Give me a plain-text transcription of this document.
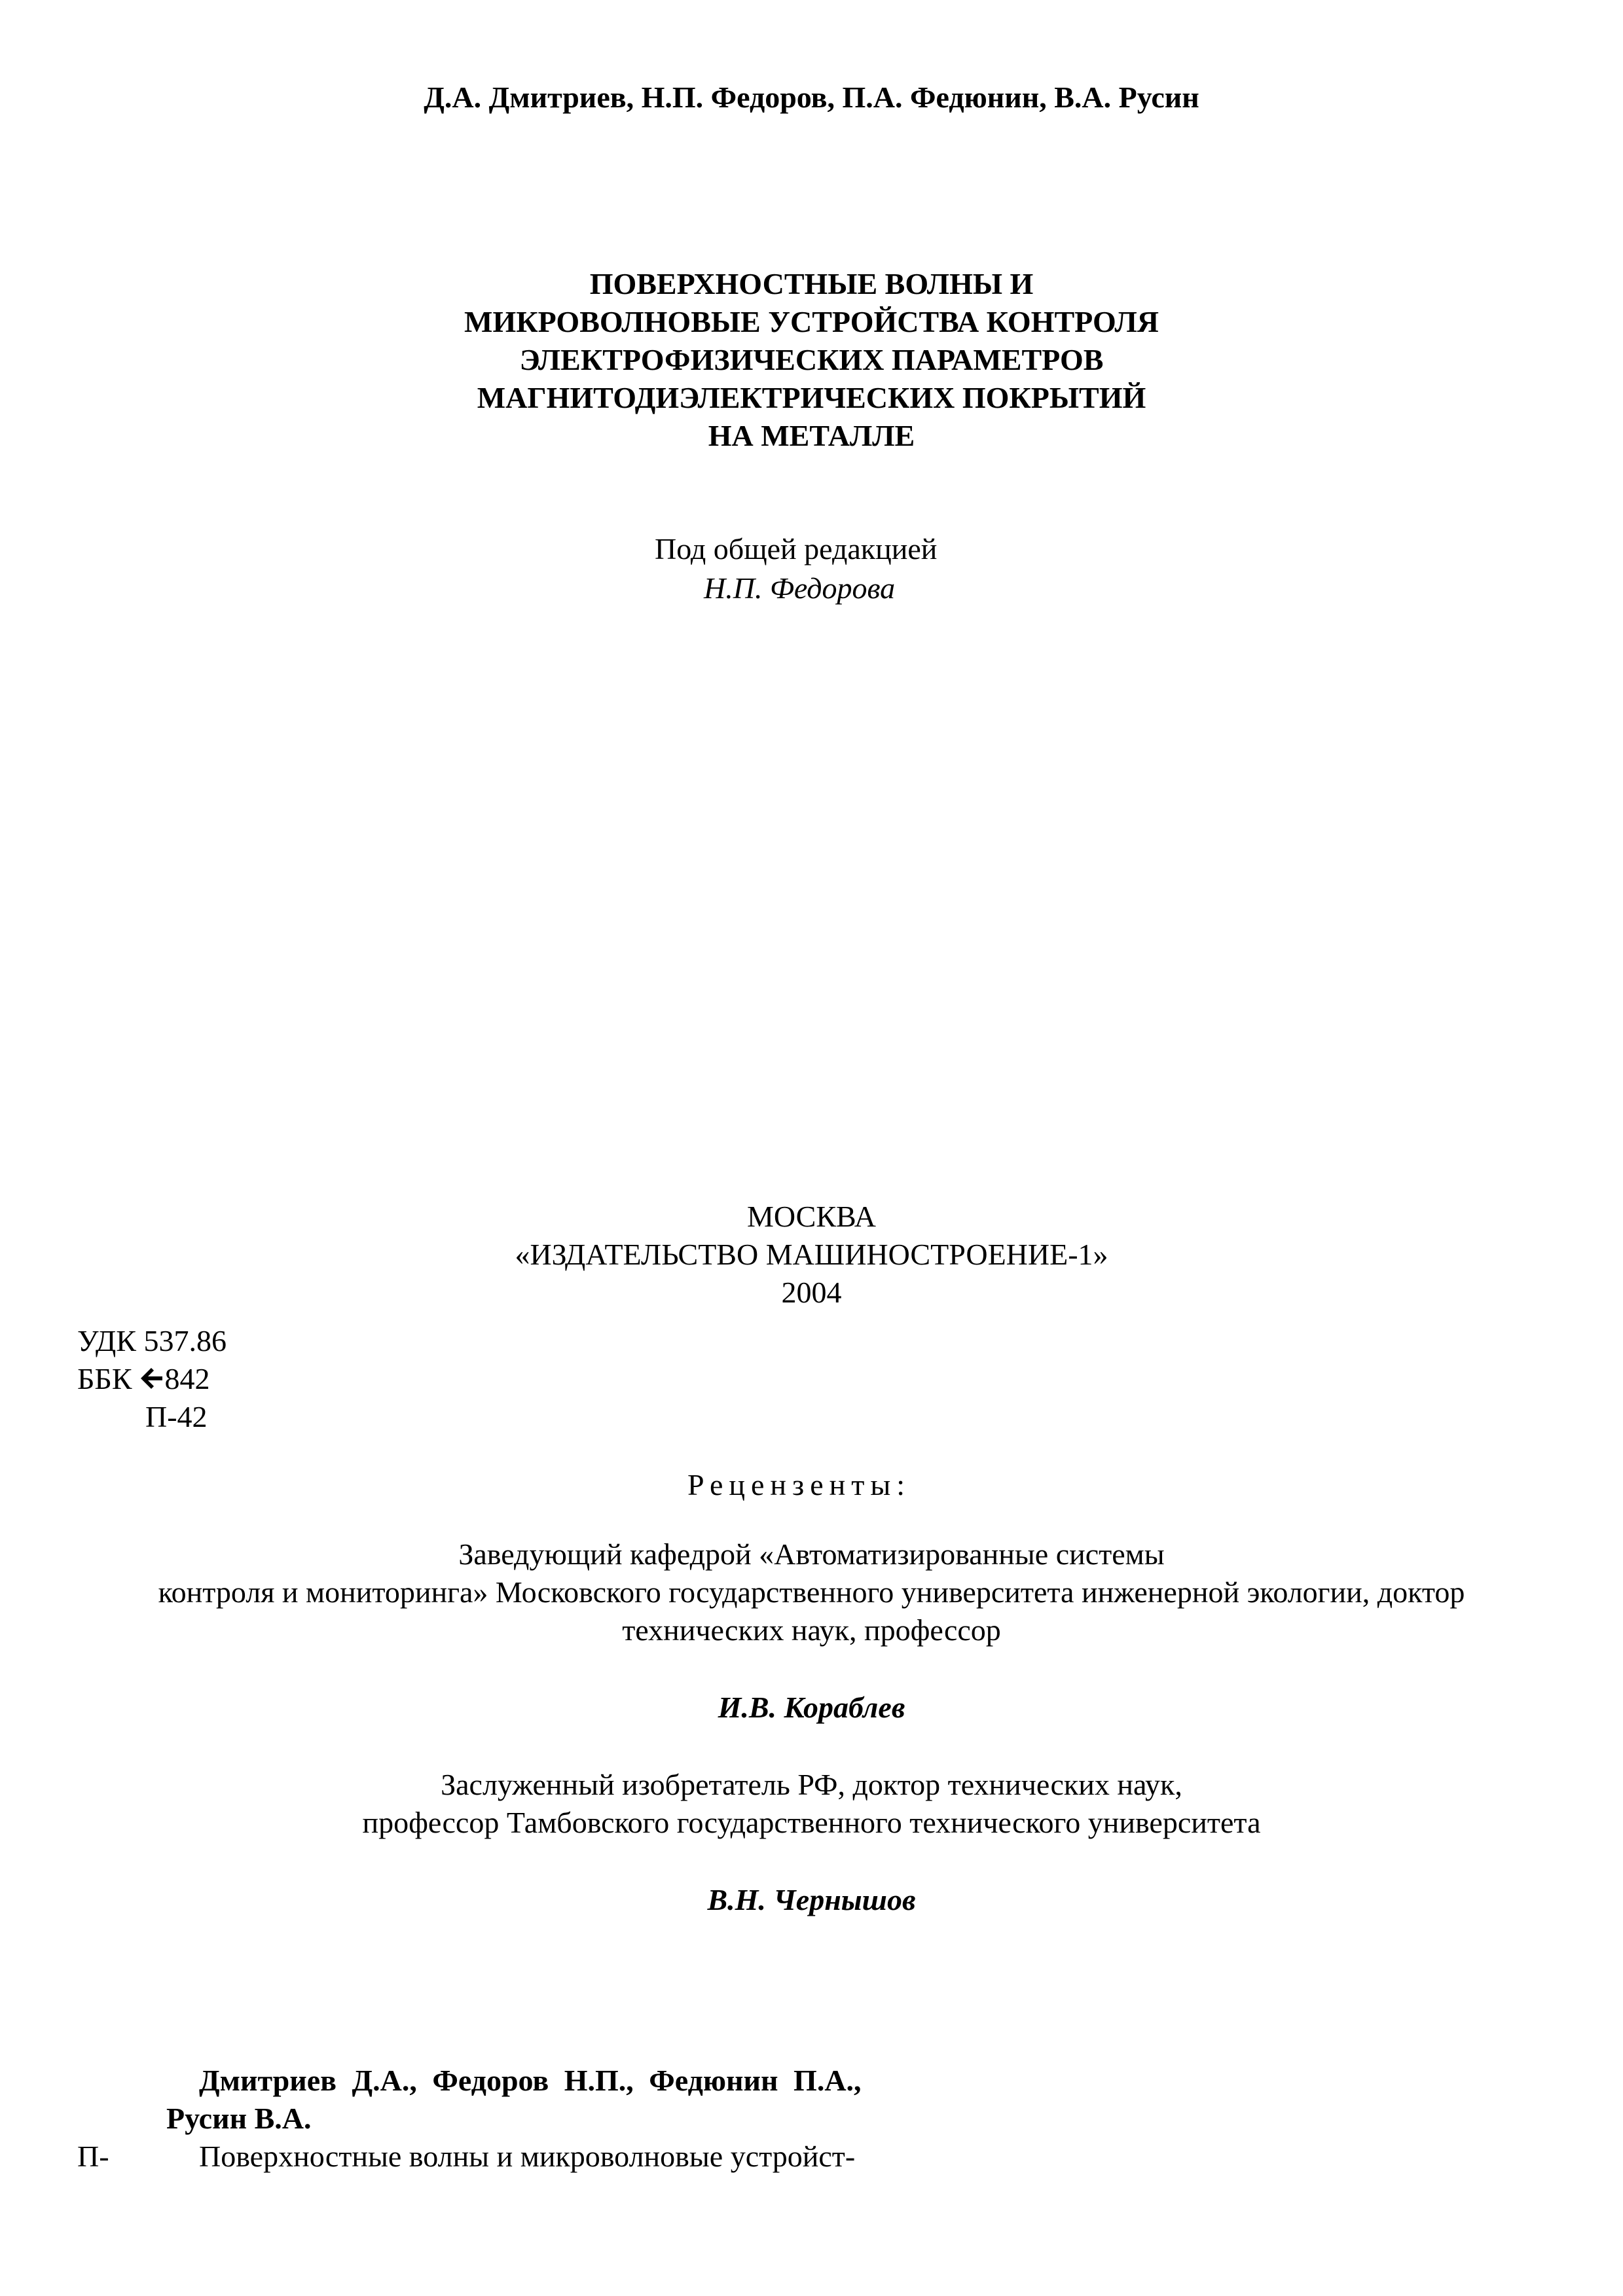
Д.А. Дмитриев, Н.П. Федоров, П.А. Федюнин, В.А. Русин
ПОВЕРХНОСТНЫЕ ВОЛНЫ И
МИКРОВОЛНОВЫЕ УСТРОЙСТВА КОНТРОЛЯ
ЭЛЕКТРОФИЗИЧЕСКИХ ПАРАМЕТРОВ
МАГНИТОДИЭЛЕКТРИЧЕСКИХ ПОКРЫТИЙ
НА МЕТАЛЛЕ
Под общей редакцией
Н.П. Федорова
МОСКВА
«ИЗДАТЕЛЬСТВО МАШИНОСТРОЕНИЕ-1»
2004
УДК 537.86
ББК 842
П-42
Рецензенты:
Заведующий кафедрой «Автоматизированные системы
контроля и мониторинга» Московского государственного университета инженерной экологии, доктор
технических наук, профессор
И.В. Кораблев
Заслуженный изобретатель РФ, доктор технических наук,
профессор Тамбовского государственного технического университета
В.Н. Чернышов
Дмитриев Д.А., Федоров Н.П., Федюнин П.А.,
Русин В.А.
П-	Поверхностные волны и микроволновые устройст-
